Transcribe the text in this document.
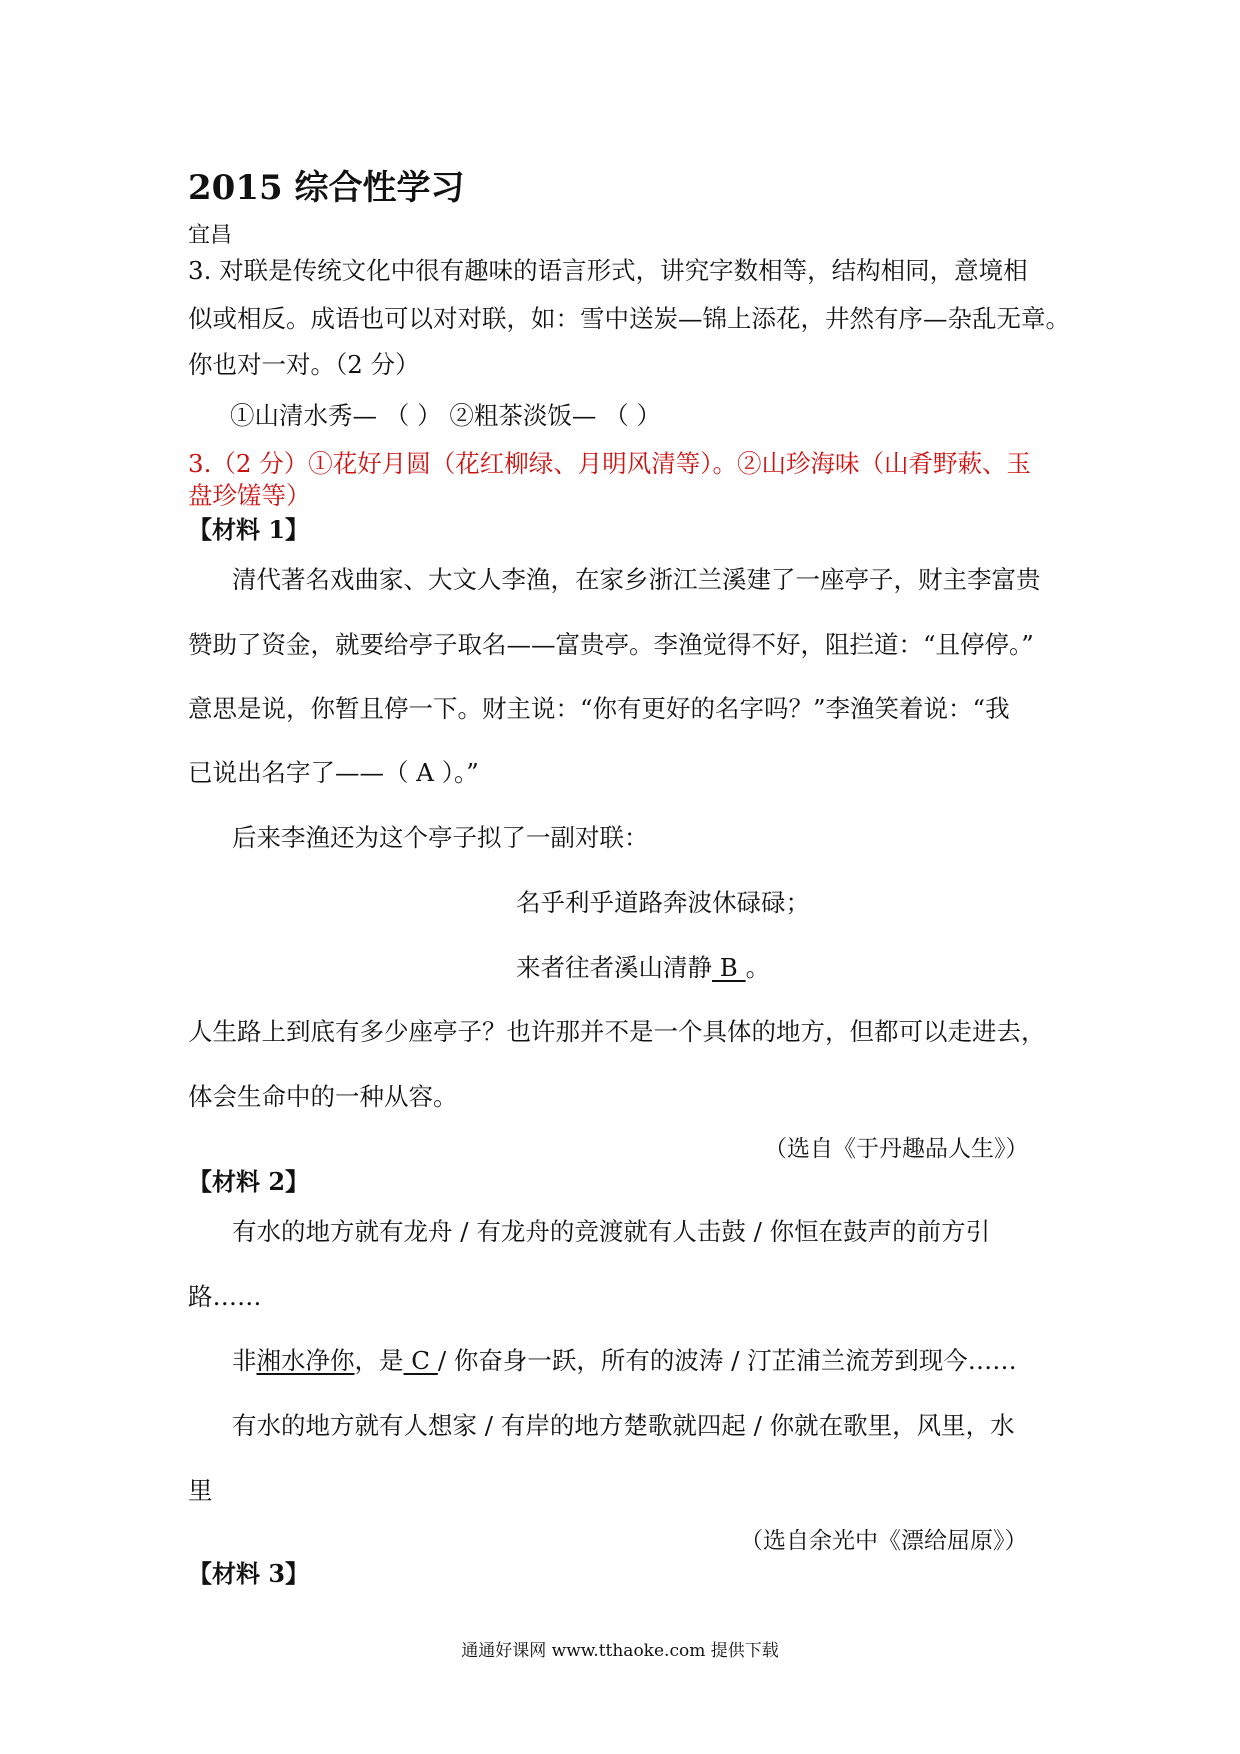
2015 综合性学习
宜昌
3. 对联是传统文化中很有趣味的语言形式，讲究字数相等，结构相同，意境相
似或相反。成语也可以对对联，如：雪中送炭—锦上添花，井然有序—杂乱无章。
你也对一对。（2 分）
①山清水秀— （ ） ②粗茶淡饭— （ ）
3.（2 分）①花好月圆（花红柳绿、月明风清等）。②山珍海味（山肴野蔌、玉
盘珍馐等）
【材料 1】
清代著名戏曲家、大文人李渔，在家乡浙江兰溪建了一座亭子，财主李富贵
赞助了资金，就要给亭子取名——富贵亭。李渔觉得不好，阻拦道：“且停停。”
意思是说，你暂且停一下。财主说：“你有更好的名字吗？”李渔笑着说：“我
已说出名字了——（ A ）。”
后来李渔还为这个亭子拟了一副对联：
名乎利乎道路奔波休碌碌；
来者往者溪山清静 B 。
人生路上到底有多少座亭子？也许那并不是一个具体的地方，但都可以走进去，
体会生命中的一种从容。
（选自《于丹趣品人生》）
【材料 2】
有水的地方就有龙舟 / 有龙舟的竞渡就有人击鼓 / 你恒在鼓声的前方引
路……
非湘水净你，是 C / 你奋身一跃，所有的波涛 / 汀芷浦兰流芳到现今……
有水的地方就有人想家 / 有岸的地方楚歌就四起 / 你就在歌里，风里，水
里
（选自余光中《漂给屈原》）
【材料 3】
通通好课网 www.tthaoke.com 提供下载
